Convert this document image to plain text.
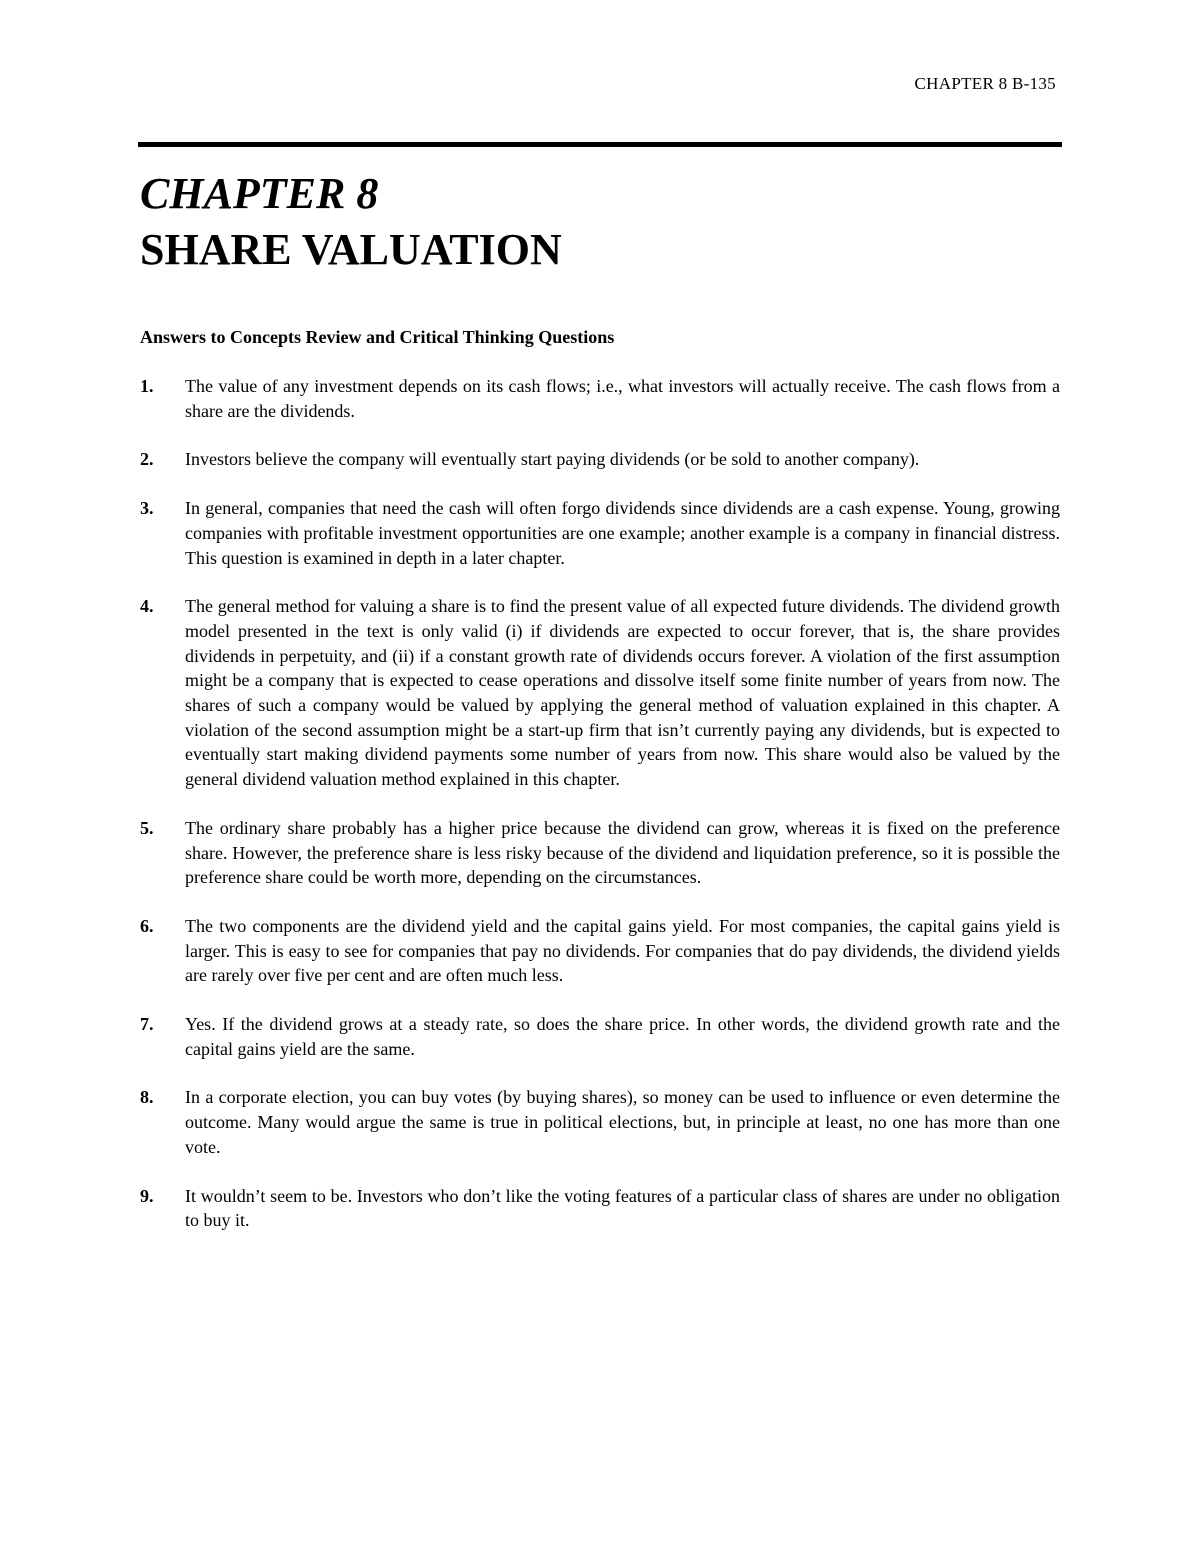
CHAPTER 8 B-135
CHAPTER 8
SHARE VALUATION
Answers to Concepts Review and Critical Thinking Questions
1. The value of any investment depends on its cash flows; i.e., what investors will actually receive. The cash flows from a share are the dividends.
2. Investors believe the company will eventually start paying dividends (or be sold to another company).
3. In general, companies that need the cash will often forgo dividends since dividends are a cash expense. Young, growing companies with profitable investment opportunities are one example; another example is a company in financial distress. This question is examined in depth in a later chapter.
4. The general method for valuing a share is to find the present value of all expected future dividends. The dividend growth model presented in the text is only valid (i) if dividends are expected to occur forever, that is, the share provides dividends in perpetuity, and (ii) if a constant growth rate of dividends occurs forever. A violation of the first assumption might be a company that is expected to cease operations and dissolve itself some finite number of years from now. The shares of such a company would be valued by applying the general method of valuation explained in this chapter. A violation of the second assumption might be a start-up firm that isn’t currently paying any dividends, but is expected to eventually start making dividend payments some number of years from now. This share would also be valued by the general dividend valuation method explained in this chapter.
5. The ordinary share probably has a higher price because the dividend can grow, whereas it is fixed on the preference share. However, the preference share is less risky because of the dividend and liquidation preference, so it is possible the preference share could be worth more, depending on the circumstances.
6. The two components are the dividend yield and the capital gains yield. For most companies, the capital gains yield is larger. This is easy to see for companies that pay no dividends. For companies that do pay dividends, the dividend yields are rarely over five per cent and are often much less.
7. Yes. If the dividend grows at a steady rate, so does the share price. In other words, the dividend growth rate and the capital gains yield are the same.
8. In a corporate election, you can buy votes (by buying shares), so money can be used to influence or even determine the outcome. Many would argue the same is true in political elections, but, in principle at least, no one has more than one vote.
9. It wouldn’t seem to be. Investors who don’t like the voting features of a particular class of shares are under no obligation to buy it.
